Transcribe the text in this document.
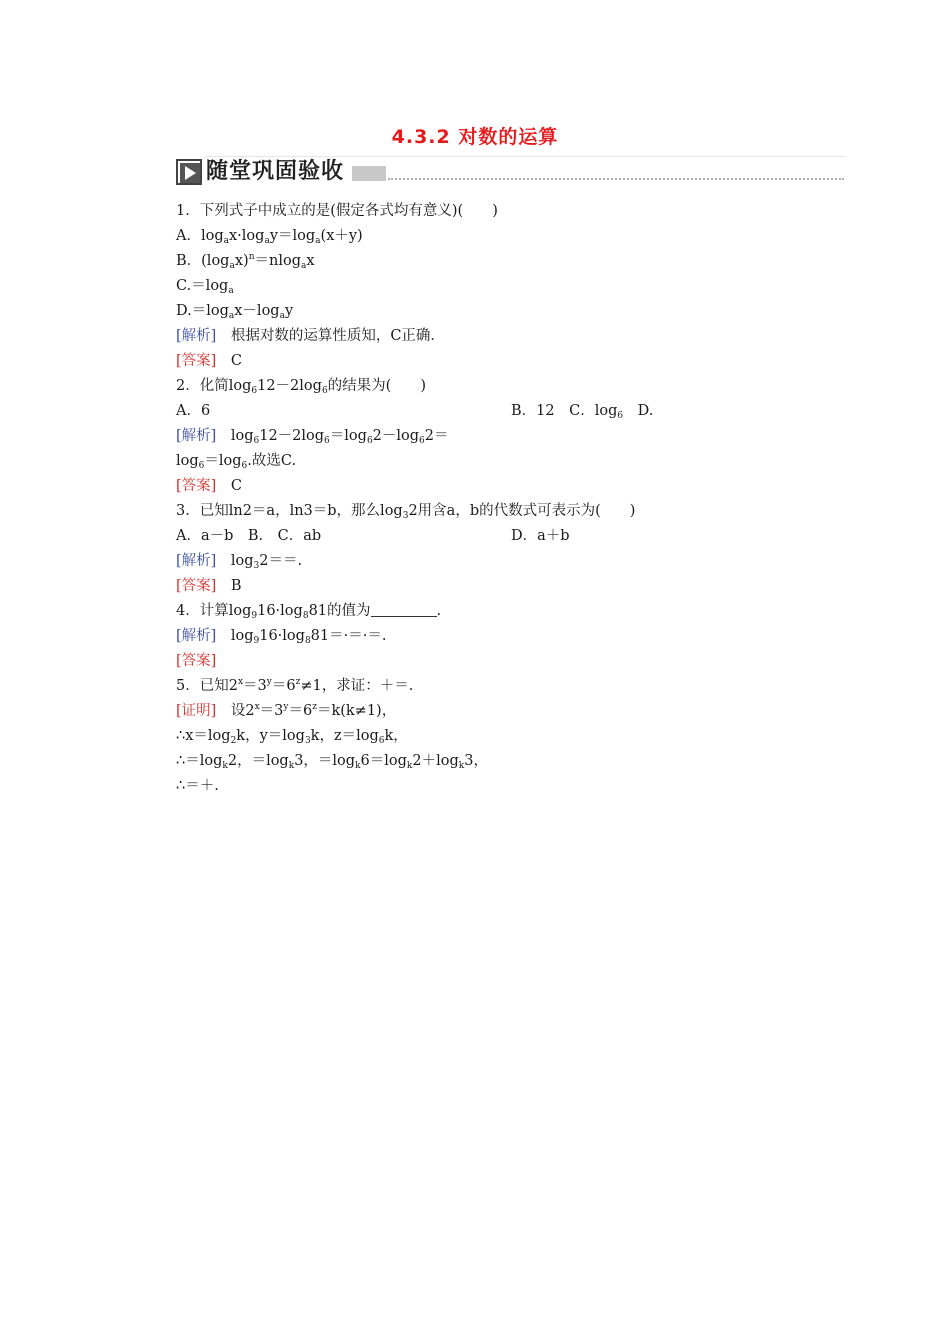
4.3.2 对数的运算
随堂巩固验收
1．下列式子中成立的是(假定各式均有意义)(　　)
A．$\log_ax\cdot\log_ay=\log_a(x+y)$
B．$(\log_ax)^n=nlog_ax$
$C.=\log_a$
$D.=\log_ax-\log_ay$
[解析]　根据对数的运算性质知，C正确．
[答案]　C
2．化简$\log_612-2\log_6$的结果为(　　)
A．6	B．12　C．$\log_6$　D.
[解析]　$\log_612-2\log_6=\log_62-\log_62=$
$\log_6=\log_6$.故选C.
[答案]　C
3．已知ln2＝a，ln3＝b，那么$\log_32$用含a，b的代数式可表示为(　　)
A．a－b　B.　C．ab	D．a＋b
[解析]　$\log_32==$.
[答案]　B
4．计算$\log_916\cdot\log_881$的值为	.
[解析]　$\log_916\cdot\log_881=\cdot=\cdot=$.
[答案]
5．已知$2^x=3^y=6^z\ne 1$，求证：＋＝.
[证明]　设$2^x=3^y=6^z=k(k\ne 1)$，
$\therefore x=\log_2k$，$y=\log_3k$，$z=\log_6k$，
$\therefore=\log_k2$，$=\log_k3$，$=\log_k6=\log_k2+\log_k3$，
∴＝＋.
